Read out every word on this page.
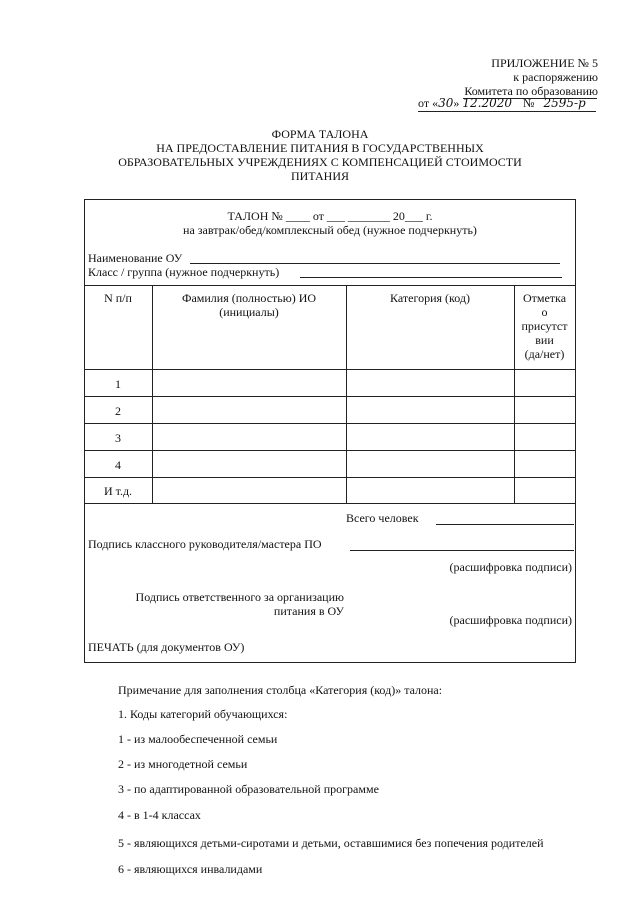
ПРИЛОЖЕНИЕ № 5
к распоряжению
Комитета по образованию
от «30» 12.2020 № 2595-р
ФОРМА ТАЛОНА
НА ПРЕДОСТАВЛЕНИЕ ПИТАНИЯ В ГОСУДАРСТВЕННЫХ
ОБРАЗОВАТЕЛЬНЫХ УЧРЕЖДЕНИЯХ С КОМПЕНСАЦИЕЙ СТОИМОСТИ
ПИТАНИЯ
ТАЛОН № ____ от ___ _______ 20___ г.
на завтрак/обед/комплексный обед (нужное подчеркнуть)
Наименование ОУ
Класс / группа (нужное подчеркнуть)
N п/п	Фамилия (полностью) ИО
(инициалы)
Категория (код)	Отметка
о
присутст
вии
(да/нет)
1
2
3
4
И т.д.
Всего человек
Подпись классного руководителя/мастера ПО
(расшифровка подписи)
Подпись ответственного за организацию
питания в ОУ
(расшифровка подписи)
ПЕЧАТЬ (для документов ОУ)
Примечание для заполнения столбца «Категория (код)» талона:
1. Коды категорий обучающихся:
1 - из малообеспеченной семьи
2 - из многодетной семьи
3 - по адаптированной образовательной программе
4 - в 1-4 классах
5 - являющихся детьми-сиротами и детьми, оставшимися без попечения родителей
6 - являющихся инвалидами
